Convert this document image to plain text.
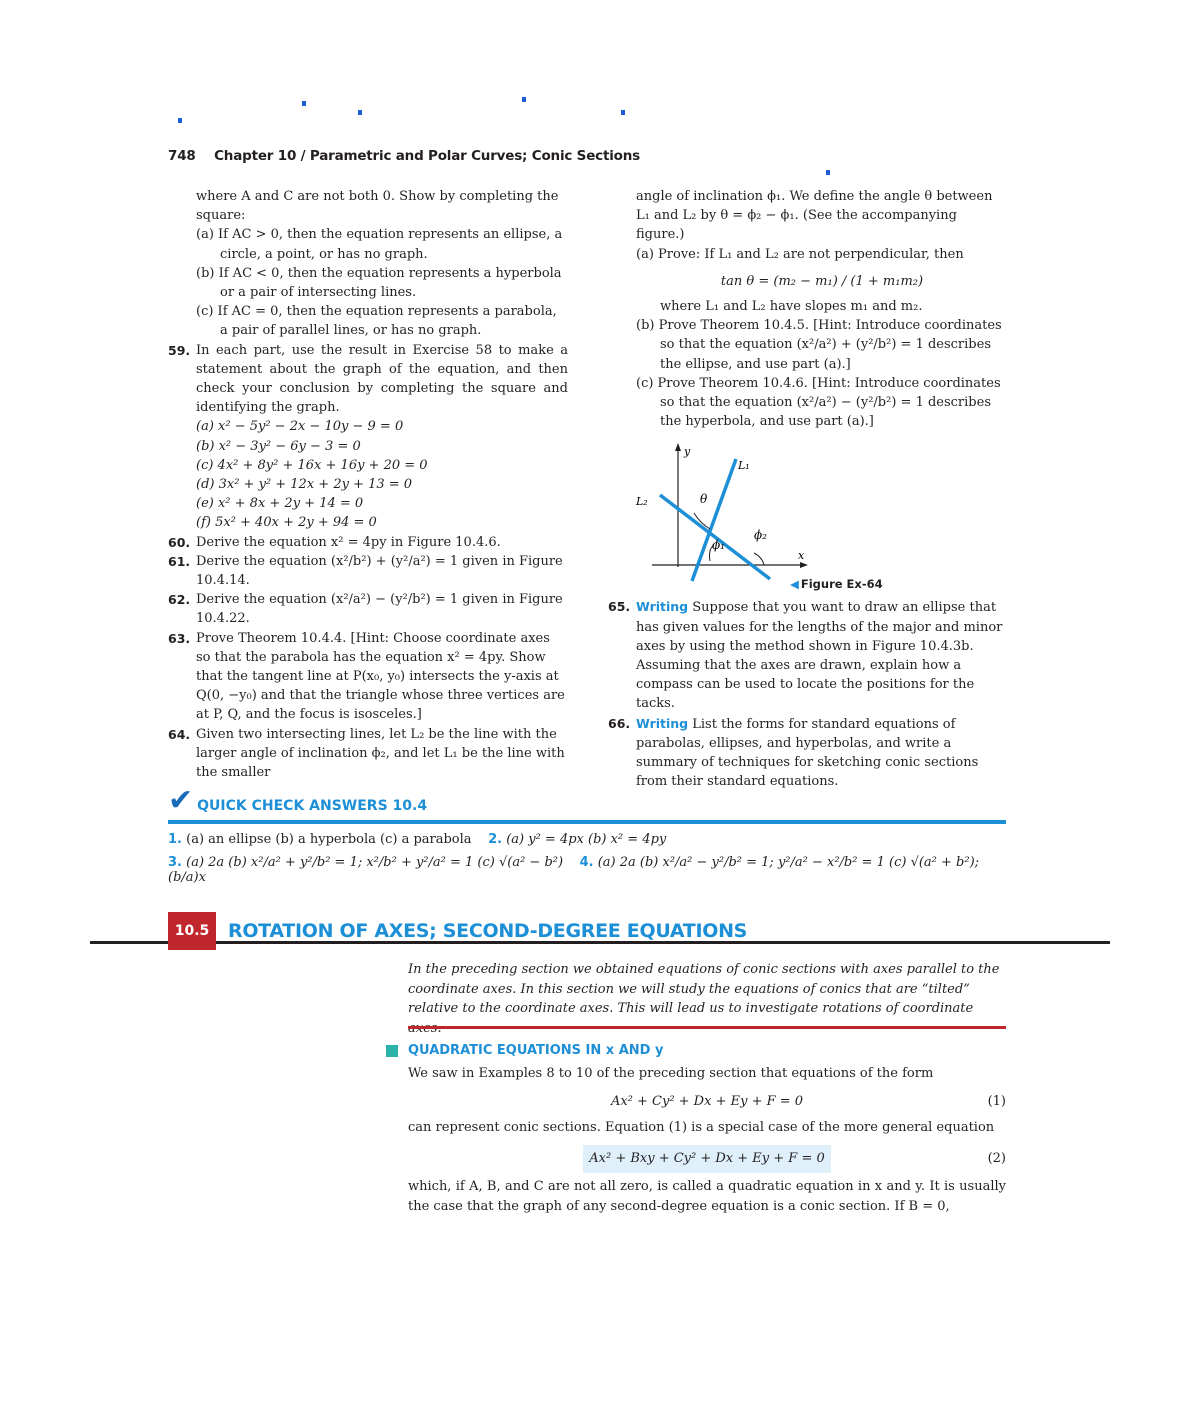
748 Chapter 10 / Parametric and Polar Curves; Conic Sections
where A and C are not both 0. Show by completing the
square:
(a) If AC > 0, then the equation represents an ellipse, a circle, a point, or has no graph.
(b) If AC < 0, then the equation represents a hyperbola or a pair of intersecting lines.
(c) If AC = 0, then the equation represents a parabola, a pair of parallel lines, or has no graph.
59. In each part, use the result in Exercise 58 to make a statement about the graph of the equation, and then check your conclusion by completing the square and identifying the graph.
(a) x² − 5y² − 2x − 10y − 9 = 0
(b) x² − 3y² − 6y − 3 = 0
(c) 4x² + 8y² + 16x + 16y + 20 = 0
(d) 3x² + y² + 12x + 2y + 13 = 0
(e) x² + 8x + 2y + 14 = 0
(f) 5x² + 40x + 2y + 94 = 0
60. Derive the equation x² = 4py in Figure 10.4.6.
61. Derive the equation (x²/b²) + (y²/a²) = 1 given in Figure 10.4.14.
62. Derive the equation (x²/a²) − (y²/b²) = 1 given in Figure 10.4.22.
63. Prove Theorem 10.4.4. [Hint: Choose coordinate axes so that the parabola has the equation x² = 4py. Show that the tangent line at P(x₀, y₀) intersects the y-axis at Q(0, −y₀) and that the triangle whose three vertices are at P, Q, and the focus is isosceles.]
64. Given two intersecting lines, let L₂ be the line with the larger angle of inclination ϕ₂, and let L₁ be the line with the smaller
angle of inclination ϕ₁. We define the angle θ between L₁ and L₂ by θ = ϕ₂ − ϕ₁. (See the accompanying figure.)
(a) Prove: If L₁ and L₂ are not perpendicular, then
tan θ = (m₂ − m₁) / (1 + m₁m₂)
where L₁ and L₂ have slopes m₁ and m₂.
(b) Prove Theorem 10.4.5. [Hint: Introduce coordinates so that the equation (x²/a²) + (y²/b²) = 1 describes the ellipse, and use part (a).]
(c) Prove Theorem 10.4.6. [Hint: Introduce coordinates so that the equation (x²/a²) − (y²/b²) = 1 describes the hyperbola, and use part (a).]
y
x
L₁
L₂	θ
ϕ₁
ϕ₂
65. Writing Suppose that you want to draw an ellipse that has given values for the lengths of the major and minor axes by using the method shown in Figure 10.4.3b. Assuming that the axes are drawn, explain how a compass can be used to locate the positions for the tacks.
66. Writing List the forms for standard equations of parabolas, ellipses, and hyperbolas, and write a summary of techniques for sketching conic sections from their standard equations.
◀ Figure Ex-64
✔ QUICK CHECK ANSWERS 10.4
1. (a) an ellipse (b) a hyperbola (c) a parabola 2. (a) y² = 4px (b) x² = 4py
3. (a) 2a (b) x²/a² + y²/b² = 1; x²/b² + y²/a² = 1 (c) √(a² − b²) 4. (a) 2a (b) x²/a² − y²/b² = 1; y²/a² − x²/b² = 1 (c) √(a² + b²); (b/a)x
10.5 ROTATION OF AXES; SECOND-DEGREE EQUATIONS
In the preceding section we obtained equations of conic sections with axes parallel to the coordinate axes. In this section we will study the equations of conics that are “tilted” relative to the coordinate axes. This will lead us to investigate rotations of coordinate
QUADRATIC EQUATIONS IN x AND y
We saw in Examples 8 to 10 of the preceding section that equations of the form
Ax² + Cy² + Dx + Ey + F = 0	(1)
can represent conic sections. Equation (1) is a special case of the more general equation
Ax² + Bxy + Cy² + Dx + Ey + F = 0	(2)
which, if A, B, and C are not all zero, is called a quadratic equation in x and y. It is usually the case that the graph of any second-degree equation is a conic section. If B = 0,
